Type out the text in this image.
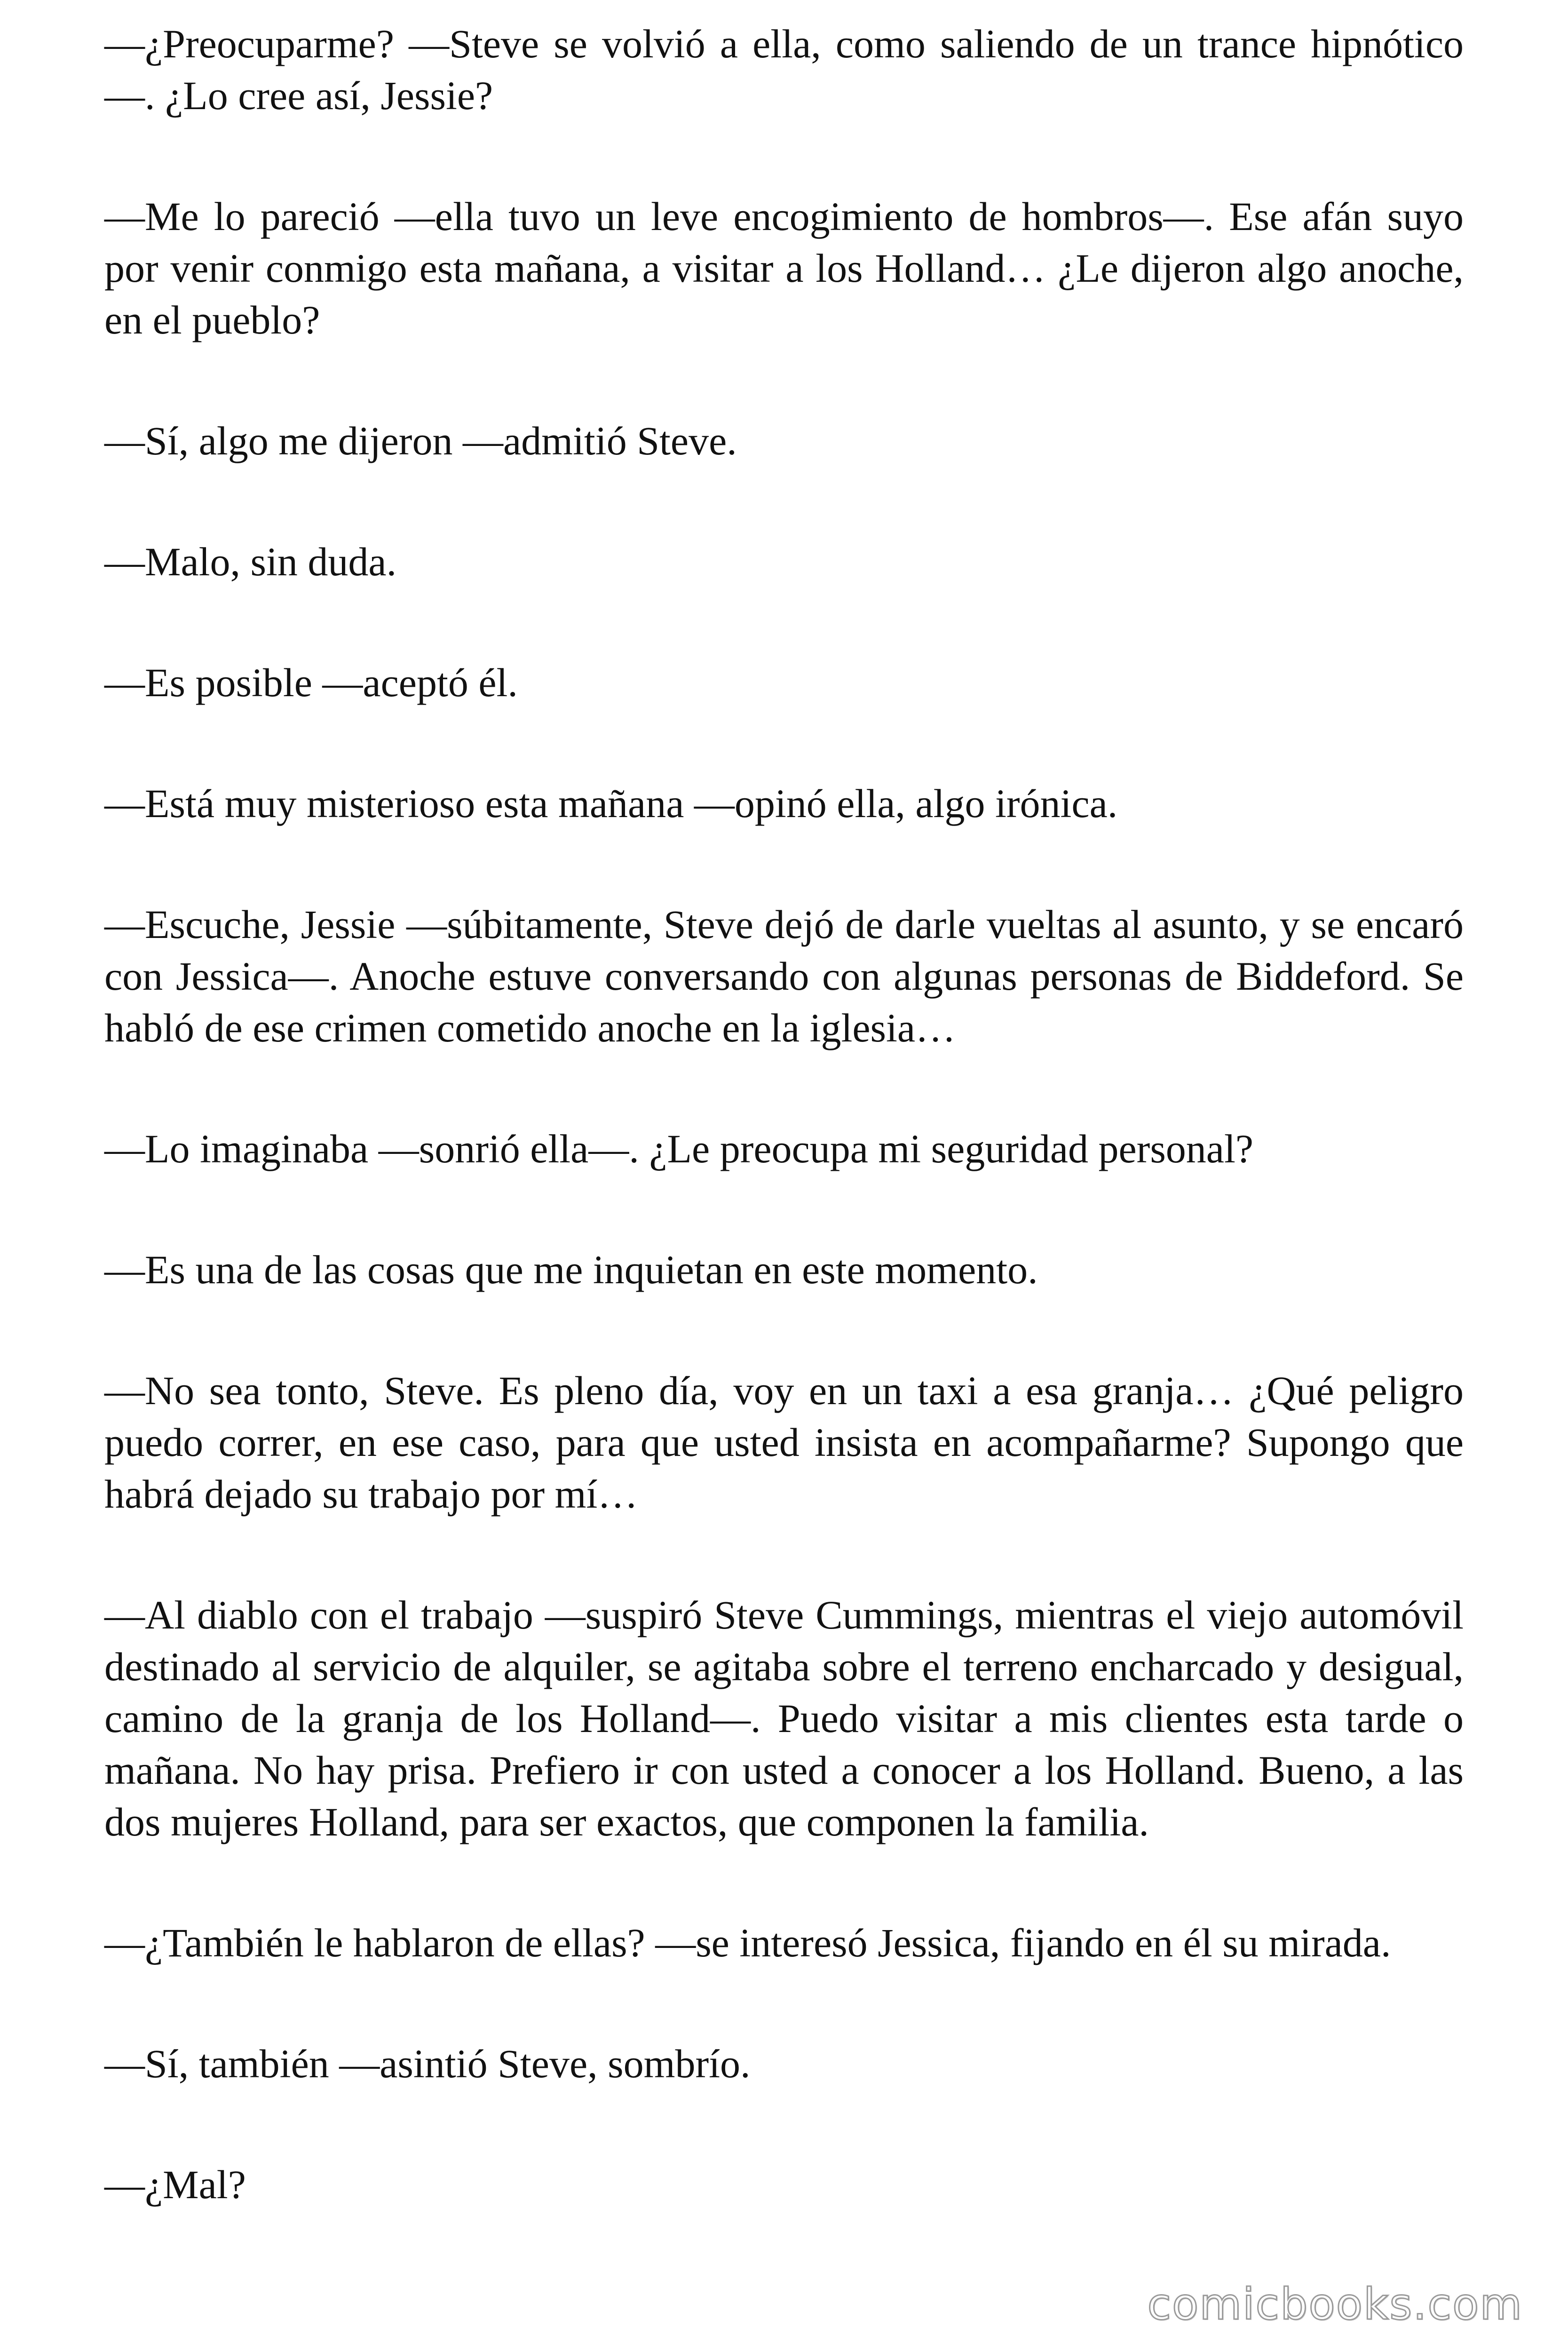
—¿Preocuparme? —Steve se volvió a ella, como saliendo de un trance hipnótico—. ¿Lo cree así, Jessie?

—Me lo pareció —ella tuvo un leve encogimiento de hombros—. Ese afán suyo por venir conmigo esta mañana, a visitar a los Holland… ¿Le dijeron algo anoche, en el pueblo?

—Sí, algo me dijeron —admitió Steve.

—Malo, sin duda.

—Es posible —aceptó él.

—Está muy misterioso esta mañana —opinó ella, algo irónica.

—Escuche, Jessie —súbitamente, Steve dejó de darle vueltas al asunto, y se encaró con Jessica—. Anoche estuve conversando con algunas personas de Biddeford. Se habló de ese crimen cometido anoche en la iglesia…

—Lo imaginaba —sonrió ella—. ¿Le preocupa mi seguridad personal?

—Es una de las cosas que me inquietan en este momento.

—No sea tonto, Steve. Es pleno día, voy en un taxi a esa granja… ¿Qué peligro puedo correr, en ese caso, para que usted insista en acompañarme? Supongo que habrá dejado su trabajo por mí…

—Al diablo con el trabajo —suspiró Steve Cummings, mientras el viejo automóvil destinado al servicio de alquiler, se agitaba sobre el terreno encharcado y desigual, camino de la granja de los Holland—. Puedo visitar a mis clientes esta tarde o mañana. No hay prisa. Prefiero ir con usted a conocer a los Holland. Bueno, a las dos mujeres Holland, para ser exactos, que componen la familia.

—¿También le hablaron de ellas? —se interesó Jessica, fijando en él su mirada.

—Sí, también —asintió Steve, sombrío.

—¿Mal?

comicbooks.com
